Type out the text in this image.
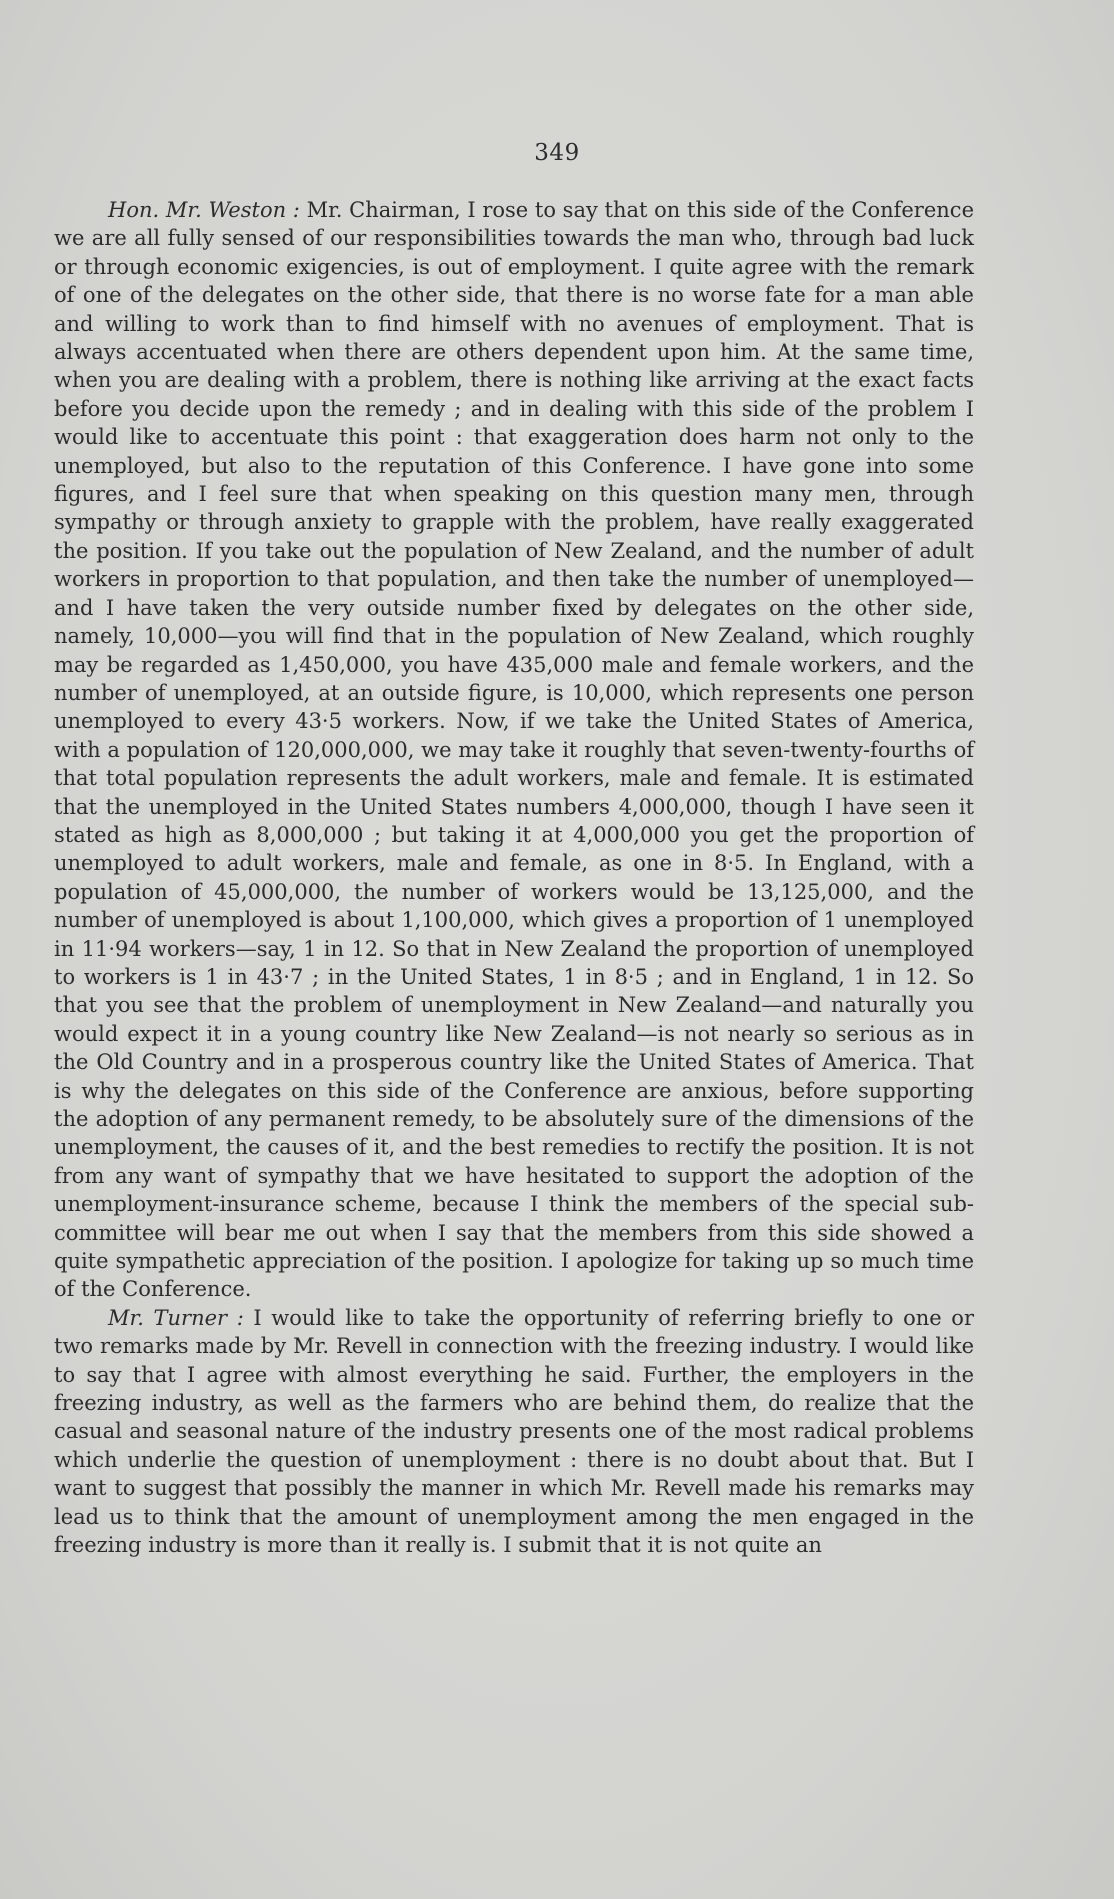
349

Hon. Mr. Weston : Mr. Chairman, I rose to say that on this side of the Conference we are all fully sensed of our responsibilities towards the man who, through bad luck or through economic exigencies, is out of employment. I quite agree with the remark of one of the delegates on the other side, that there is no worse fate for a man able and willing to work than to find himself with no avenues of employment. That is always accentuated when there are others dependent upon him. At the same time, when you are dealing with a problem, there is nothing like arriving at the exact facts before you decide upon the remedy ; and in dealing with this side of the problem I would like to accentuate this point : that exaggeration does harm not only to the unemployed, but also to the reputation of this Conference. I have gone into some figures, and I feel sure that when speaking on this question many men, through sympathy or through anxiety to grapple with the problem, have really exaggerated the position. If you take out the population of New Zealand, and the number of adult workers in proportion to that population, and then take the number of unemployed—and I have taken the very outside number fixed by delegates on the other side, namely, 10,000—you will find that in the population of New Zealand, which roughly may be regarded as 1,450,000, you have 435,000 male and female workers, and the number of unemployed, at an outside figure, is 10,000, which represents one person unemployed to every 43·5 workers. Now, if we take the United States of America, with a population of 120,000,000, we may take it roughly that seven-twenty-fourths of that total population represents the adult workers, male and female. It is estimated that the unemployed in the United States numbers 4,000,000, though I have seen it stated as high as 8,000,000 ; but taking it at 4,000,000 you get the proportion of unemployed to adult workers, male and female, as one in 8·5. In England, with a population of 45,000,000, the number of workers would be 13,125,000, and the number of unemployed is about 1,100,000, which gives a proportion of 1 unemployed in 11·94 workers—say, 1 in 12. So that in New Zealand the proportion of unemployed to workers is 1 in 43·7 ; in the United States, 1 in 8·5 ; and in England, 1 in 12. So that you see that the problem of unemployment in New Zealand—and naturally you would expect it in a young country like New Zealand—is not nearly so serious as in the Old Country and in a prosperous country like the United States of America. That is why the delegates on this side of the Conference are anxious, before supporting the adoption of any permanent remedy, to be absolutely sure of the dimensions of the unemployment, the causes of it, and the best remedies to rectify the position. It is not from any want of sympathy that we have hesitated to support the adoption of the unemployment-insurance scheme, because I think the members of the special sub-committee will bear me out when I say that the members from this side showed a quite sympathetic appreciation of the position. I apologize for taking up so much time of the Conference.

Mr. Turner : I would like to take the opportunity of referring briefly to one or two remarks made by Mr. Revell in connection with the freezing industry. I would like to say that I agree with almost everything he said. Further, the employers in the freezing industry, as well as the farmers who are behind them, do realize that the casual and seasonal nature of the industry presents one of the most radical problems which underlie the question of unemployment : there is no doubt about that. But I want to suggest that possibly the manner in which Mr. Revell made his remarks may lead us to think that the amount of unemployment among the men engaged in the freezing industry is more than it really is. I submit that it is not quite an
